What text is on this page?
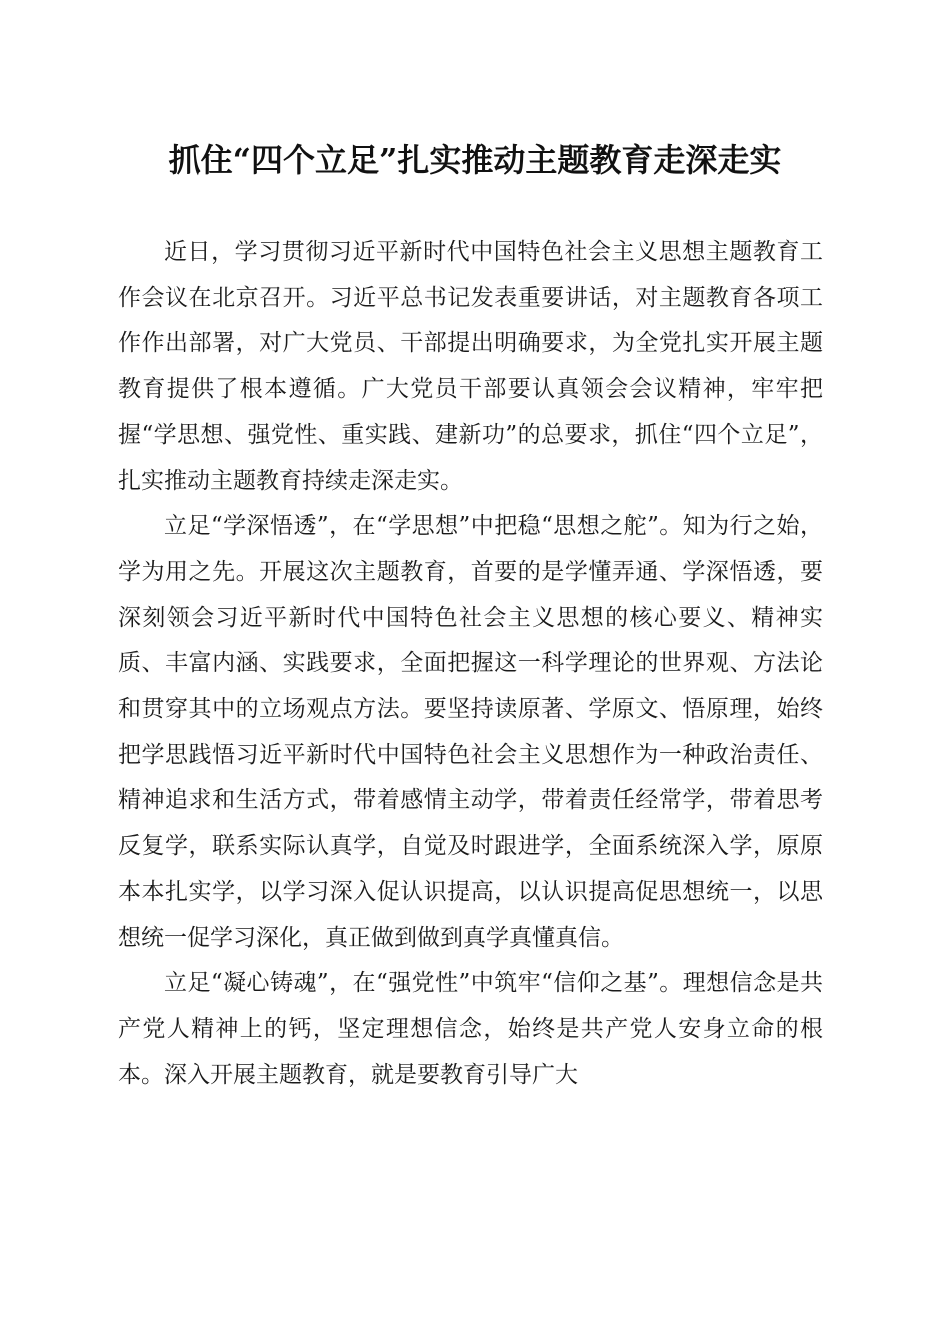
抓住“四个立足”扎实推动主题教育走深走实

近日，学习贯彻习近平新时代中国特色社会主义思想主题教育工作会议在北京召开。习近平总书记发表重要讲话，对主题教育各项工作作出部署，对广大党员、干部提出明确要求，为全党扎实开展主题教育提供了根本遵循。广大党员干部要认真领会会议精神，牢牢把握“学思想、强党性、重实践、建新功”的总要求，抓住“四个立足”，扎实推动主题教育持续走深走实。

立足“学深悟透”，在“学思想”中把稳“思想之舵”。知为行之始，学为用之先。开展这次主题教育，首要的是学懂弄通、学深悟透，要深刻领会习近平新时代中国特色社会主义思想的核心要义、精神实质、丰富内涵、实践要求，全面把握这一科学理论的世界观、方法论和贯穿其中的立场观点方法。要坚持读原著、学原文、悟原理，始终把学思践悟习近平新时代中国特色社会主义思想作为一种政治责任、精神追求和生活方式，带着感情主动学，带着责任经常学，带着思考反复学，联系实际认真学，自觉及时跟进学，全面系统深入学，原原本本扎实学，以学习深入促认识提高，以认识提高促思想统一，以思想统一促学习深化，真正做到做到真学真懂真信。

立足“凝心铸魂”，在“强党性”中筑牢“信仰之基”。理想信念是共产党人精神上的钙，坚定理想信念，始终是共产党人安身立命的根本。深入开展主题教育，就是要教育引导广大
